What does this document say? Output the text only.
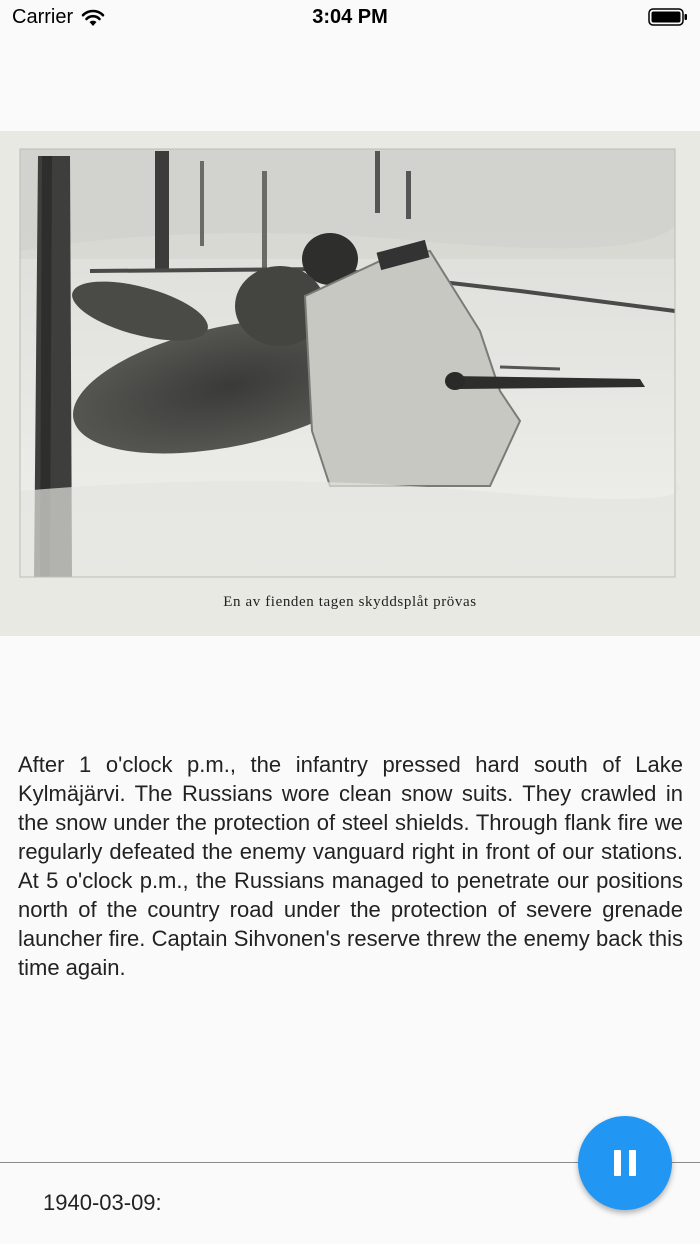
Carrier	3:04 PM
En av fienden tagen skyddsplåt prövas

After 1 o'clock p.m., the infantry pressed hard south of Lake Kylmäjärvi. The Russians wore clean snow suits. They crawled in the snow under the protection of steel shields. Through flank fire we regularly defeated the enemy vanguard right in front of our stations. At 5 o'clock p.m., the Russians managed to penetrate our positions north of the country road under the protection of severe grenade launcher fire. Captain Sihvonen's reserve threw the enemy back this time again.

1940-03-09:
